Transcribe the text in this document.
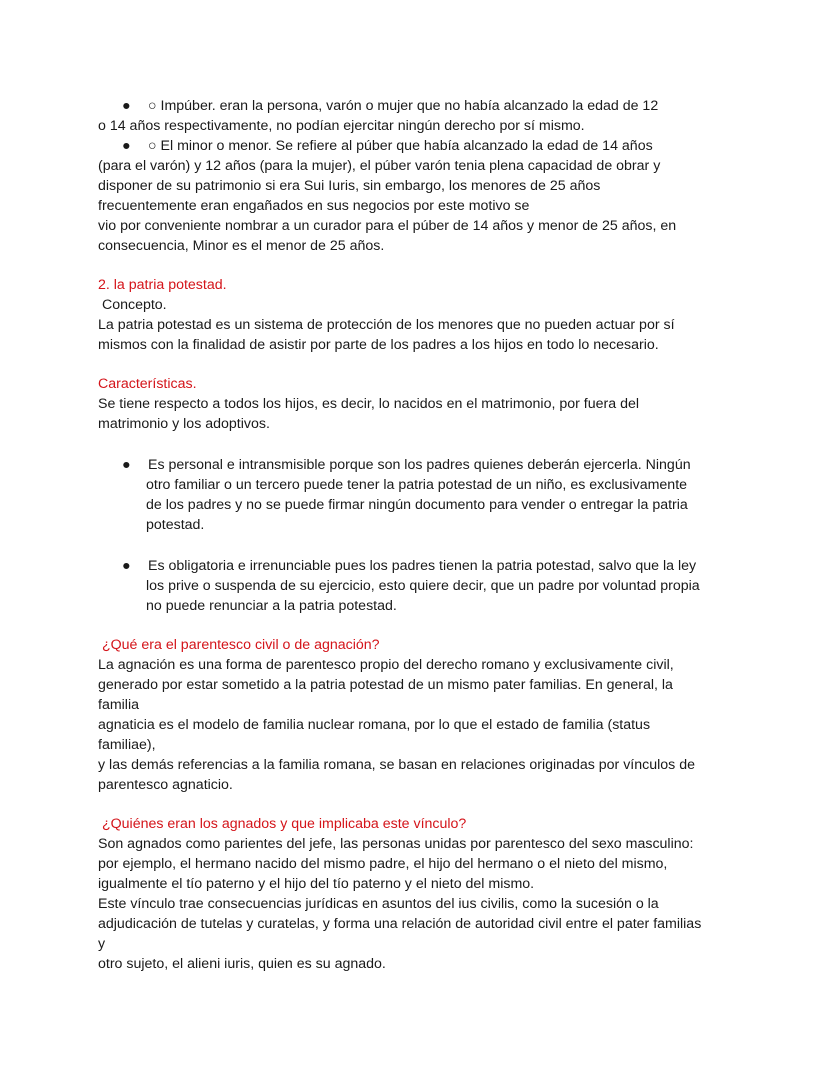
● ○ Impúber. eran la persona, varón o mujer que no había alcanzado la edad de 12
o 14 años respectivamente, no podían ejercitar ningún derecho por sí mismo.
● ○ El minor o menor. Se refiere al púber que había alcanzado la edad de 14 años
(para el varón) y 12 años (para la mujer), el púber varón tenia plena capacidad de obrar y
disponer de su patrimonio si era Sui Iuris, sin embargo, los menores de 25 años
frecuentemente eran engañados en sus negocios por este motivo se
vio por conveniente nombrar a un curador para el púber de 14 años y menor de 25 años, en
consecuencia, Minor es el menor de 25 años.
2. la patria potestad.
Concepto.
La patria potestad es un sistema de protección de los menores que no pueden actuar por sí
mismos con la finalidad de asistir por parte de los padres a los hijos en todo lo necesario.
Características.
Se tiene respecto a todos los hijos, es decir, lo nacidos en el matrimonio, por fuera del
matrimonio y los adoptivos.
● Es personal e intransmisible porque son los padres quienes deberán ejercerla. Ningún
otro familiar o un tercero puede tener la patria potestad de un niño, es exclusivamente
de los padres y no se puede firmar ningún documento para vender o entregar la patria
potestad.
● Es obligatoria e irrenunciable pues los padres tienen la patria potestad, salvo que la ley
los prive o suspenda de su ejercicio, esto quiere decir, que un padre por voluntad propia
no puede renunciar a la patria potestad.
¿Qué era el parentesco civil o de agnación?
La agnación es una forma de parentesco propio del derecho romano y exclusivamente civil,
generado por estar sometido a la patria potestad de un mismo pater familias. En general, la
familia
agnaticia es el modelo de familia nuclear romana, por lo que el estado de familia (status
familiae),
y las demás referencias a la familia romana, se basan en relaciones originadas por vínculos de
parentesco agnaticio.
¿Quiénes eran los agnados y que implicaba este vínculo?
Son agnados como parientes del jefe, las personas unidas por parentesco del sexo masculino:
por ejemplo, el hermano nacido del mismo padre, el hijo del hermano o el nieto del mismo,
igualmente el tío paterno y el hijo del tío paterno y el nieto del mismo.
Este vínculo trae consecuencias jurídicas en asuntos del ius civilis, como la sucesión o la
adjudicación de tutelas y curatelas, y forma una relación de autoridad civil entre el pater familias
y
otro sujeto, el alieni iuris, quien es su agnado.
